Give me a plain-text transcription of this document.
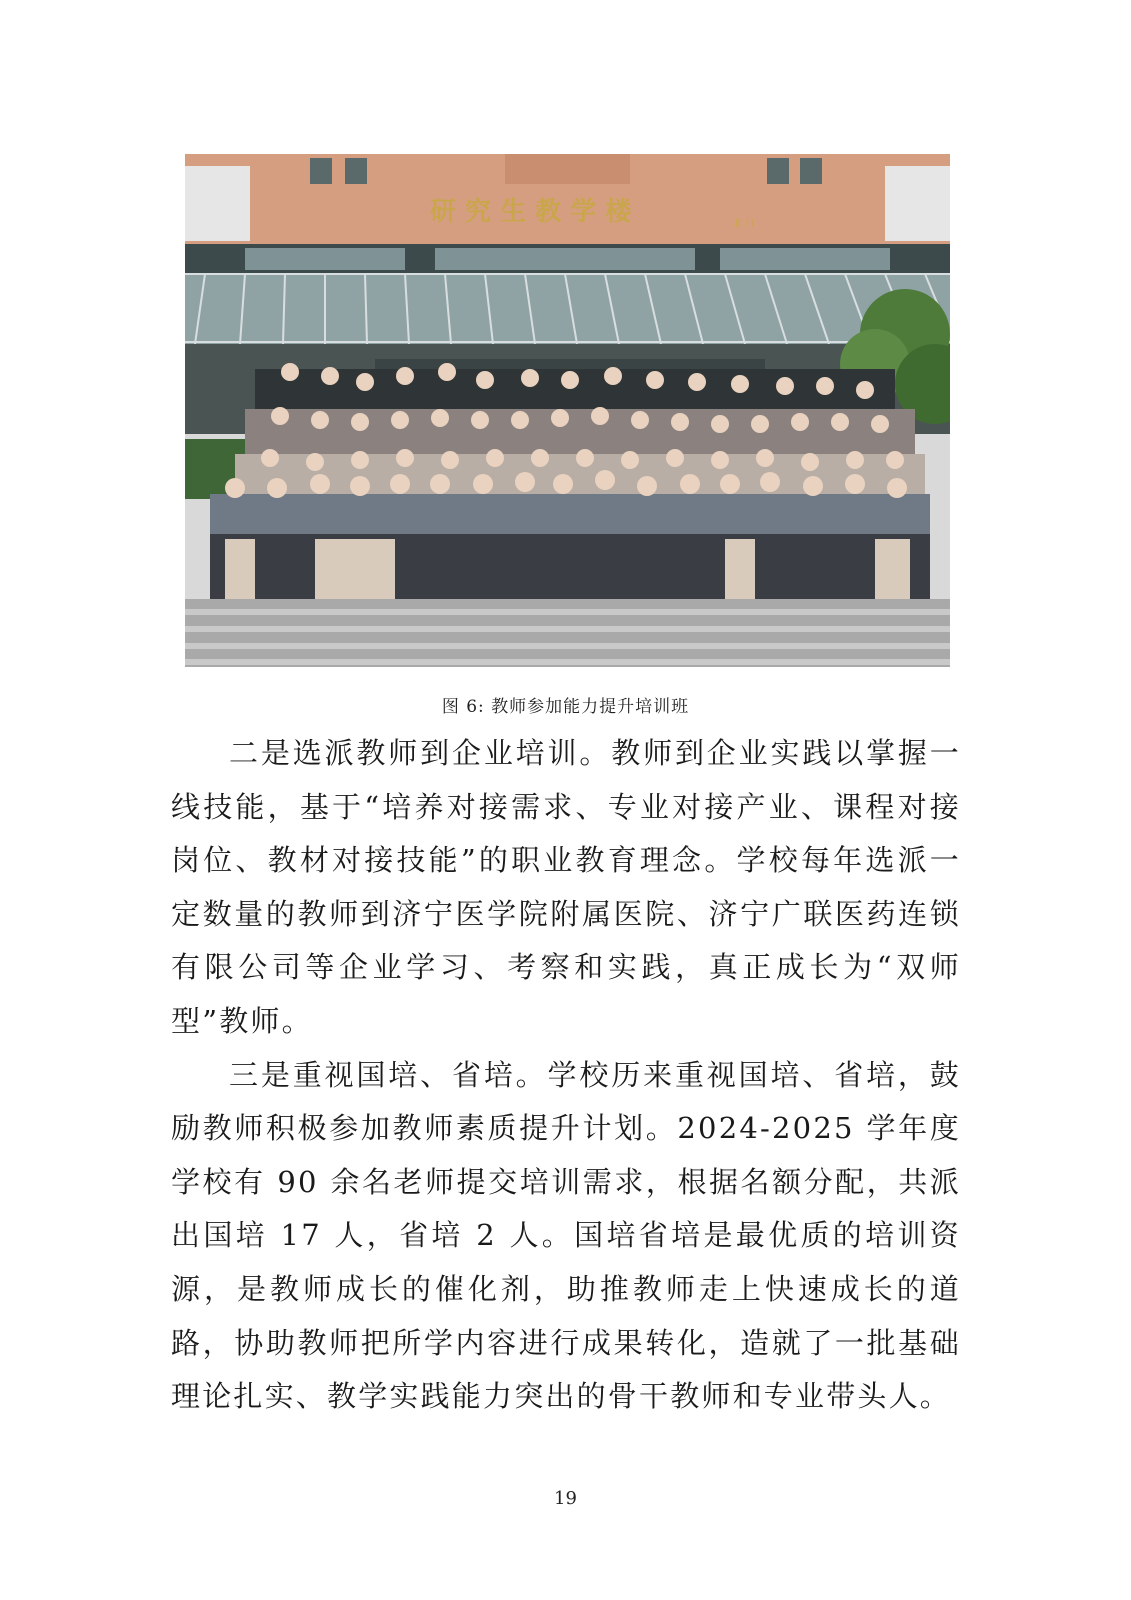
研 究 生 教 学 楼	北 门
图 6: 教师参加能力提升培训班

二是选派教师到企业培训。教师到企业实践以掌握一线技能，基于“培养对接需求、专业对接产业、课程对接岗位、教材对接技能”的职业教育理念。学校每年选派一定数量的教师到济宁医学院附属医院、济宁广联医药连锁有限公司等企业学习、考察和实践，真正成长为“双师型”教师。

三是重视国培、省培。学校历来重视国培、省培，鼓励教师积极参加教师素质提升计划。2024-2025 学年度学校有 90 余名老师提交培训需求，根据名额分配，共派出国培 17 人，省培 2 人。国培省培是最优质的培训资源，是教师成长的催化剂，助推教师走上快速成长的道路，协助教师把所学内容进行成果转化，造就了一批基础理论扎实、教学实践能力突出的骨干教师和专业带头人。

19
